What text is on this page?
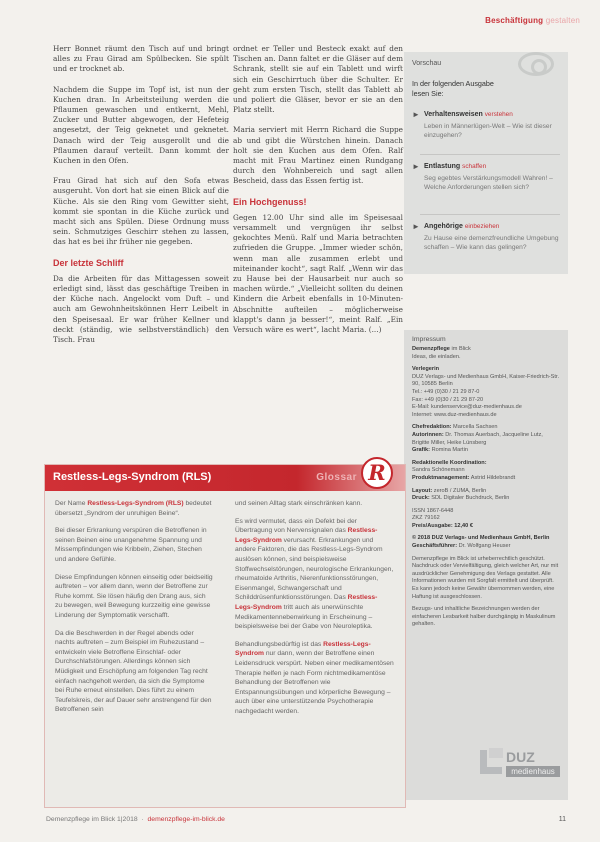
Beschäftigung gestalten

Herr Bonnet räumt den Tisch auf und bringt alles zu Frau Girad am Spülbecken. Sie spült und er trocknet ab.

Nachdem die Suppe im Topf ist, ist nun der Kuchen dran. In Arbeitsteilung werden die Pflaumen gewaschen und entkernt, Mehl, Zucker und Butter abgewogen, der Hefeteig angesetzt, der Teig geknetet und geknetet. Danach wird der Teig ausgerollt und die Pflaumen darauf verteilt. Dann kommt der Kuchen in den Ofen.

Frau Girad hat sich auf den Sofa etwas ausgeruht. Von dort hat sie einen Blick auf die Küche. Als sie den Ring vom Gewitter sieht, kommt sie spontan in die Küche zurück und macht sich ans Spülen. Diese Ordnung muss sein. Schmutziges Geschirr stehen zu lassen, das hat es bei ihr früher nie gegeben.

Der letzte Schliff

Da die Arbeiten für das Mittagessen soweit erledigt sind, lässt das geschäftige Treiben in der Küche nach. Angelockt vom Duft – und auch am Gewohnheitskönnen Herr Leibelt in den Speisesaal. Er war früher Kellner und deckt (ständig, wie selbstverständlich) den Tisch. Frau

ordnet er Teller und Besteck exakt auf den Tischen an. Dann faltet er die Gläser auf dem Schrank, stellt sie auf ein Tablett und wirft sich ein Geschirrtuch über die Schulter. Er geht zum ersten Tisch, stellt das Tablett ab und poliert die Gläser, bevor er sie an den Platz stellt.

Maria serviert mit Herrn Richard die Suppe ab und gibt die Würstchen hinein. Danach holt sie den Kuchen aus dem Ofen. Ralf macht mit Frau Martinez einen Rundgang durch den Wohnbereich und sagt allen Bescheid, dass das Essen fertig ist.

Ein Hochgenuss!

Gegen 12.00 Uhr sind alle im Speisesaal versammelt und vergnügen ihr selbst gekochtes Menü. Ralf und Maria betrachten zufrieden die Gruppe. „Immer wieder schön, wenn man alle zusammen erlebt und miteinander kocht“, sagt Ralf. „Wenn wir das zu Hause bei der Hausarbeit nur auch so machen würde.“ „Vielleicht sollten du deinen Kindern die Arbeit ebenfalls in 10-Minuten-Abschnitte aufteilen – möglicherweise klappt's dann ja besser!“, meint Ralf. „Ein Versuch wäre es wert“, lacht Maria. (...)

Vorschau
In der folgenden Ausgabe lesen Sie:
► Verhaltensweisen verstehen
Leben in Männerlügen-Welt – Wie ist dieser einzugehen?
► Entlastung schaffen
Seg egebtes Verstärkungsmodell Wahren! – Welche Anforderungen stellen sich?
► Angehörige einbeziehen
Zu Hause eine demenzfreundliche Umgebung schaffen – Wie kann das gelingen?
Impressum
Demenzpflege im Blick
Ideas, die einladen.
Verlegerin
DUZ Verlags- und Medienhaus GmbH, Kaiser-Friedrich-Str. 90, 10585 Berlin
Tel.: +49 (0)30 / 21 29 87-0
Fax: +49 (0)30 / 21 29 87-20
E-Mail: kundenservice@duz-medienhaus.de
Internet: www.duz-medienhaus.de
Chefredaktion: Marcella Sachsen
Autorinnen: Dr. Thomas Auerbach, Jacqueline Lutz, Brigitte Miller, Heike Lünsberg
Grafik: Romina Martin
Redaktionelle Koordination:
Sandra Schönemann
Produktmanagement: Astrid Hildebrandt
Layout: zeroB / ZUMA, Berlin
Druck: SDL Digitaler Buchdruck, Berlin
ISSN 1867-6448
ZKZ 79162
Preis/Ausgabe: 12,40 €
© 2018 DUZ Verlags- und Medienhaus GmbH, Berlin
Geschäftsführer: Dr. Wolfgang Heuser
Demenzpflege im Blick ist urheberrechtlich geschützt. Nachdruck oder Vervielfältigung, gleich welcher Art, nur mit ausdrücklicher Genehmigung des Verlags gestattet. Alle Informationen wurden mit Sorgfalt ermittelt und überprüft. Es kann jedoch keine Gewähr übernommen werden, eine Haftung ist ausgeschlossen.
Bezugs- und inhaltliche Bezeichnungen werden der einfacheren Lesbarkeit halber durchgängig in Maskulinum gehalten.
DUZ
medienhaus
Restless-Legs-Syndrom (RLS)	Glossar R

Der Name Restless-Legs-Syndrom (RLS) bedeutet übersetzt „Syndrom der unruhigen Beine“.

Bei dieser Erkrankung verspüren die Betroffenen in seinen Beinen eine unangenehme Spannung und Missempfindungen wie Kribbeln, Ziehen, Stechen und andere Gefühle.

Diese Empfindungen können einseitig oder beidseitig auftreten – vor allem dann, wenn der Betroffene zur Ruhe kommt. Sie lösen häufig den Drang aus, sich zu bewegen, weil Bewegung kurzzeitig eine gewisse Linderung der Symptomatik verschafft.

Da die Beschwerden in der Regel abends oder nachts auftreten – zum Beispiel im Ruhezustand – entwickeln viele Betroffene Einschlaf- oder Durchschlafstörungen. Allerdings können sich Müdigkeit und Erschöpfung am folgenden Tag recht einfach nachgeholt werden, da sich die Symptome bei Ruhe erneut einstellen. Dies führt zu einem Teufelskreis, der auf Dauer sehr anstrengend für den Betroffenen sein

und seinen Alltag stark einschränken kann.

Es wird vermutet, dass ein Defekt bei der Übertragung von Nervensignalen das Restless-Legs-Syndrom verursacht. Erkrankungen und andere Faktoren, die das Restless-Legs-Syndrom auslösen können, sind beispielsweise Stoffwechselstörungen, neurologische Erkrankungen, rheumatoide Arthritis, Nierenfunktionsstörungen, Eisenmangel, Schwangerschaft und Schilddrüsenfunktionsstörungen. Das Restless-Legs-Syndrom tritt auch als unerwünschte Medikamentennebenwirkung in Erscheinung – beispielsweise bei der Gabe von Neuroleptika.

Behandlungsbedürftig ist das Restless-Legs-Syndrom nur dann, wenn der Betroffene einen Leidensdruck verspürt. Neben einer medikamentösen Therapie helfen je nach Form nichtmedikamentöse Behandlung der Betroffenen wie Entspannungsübungen und körperliche Bewegung – auch über eine unterstützende Psychotherapie nachgedacht werden.

Demenzpflege im Blick 1|2018  ·  demenzpflege-im-blick.de	11
